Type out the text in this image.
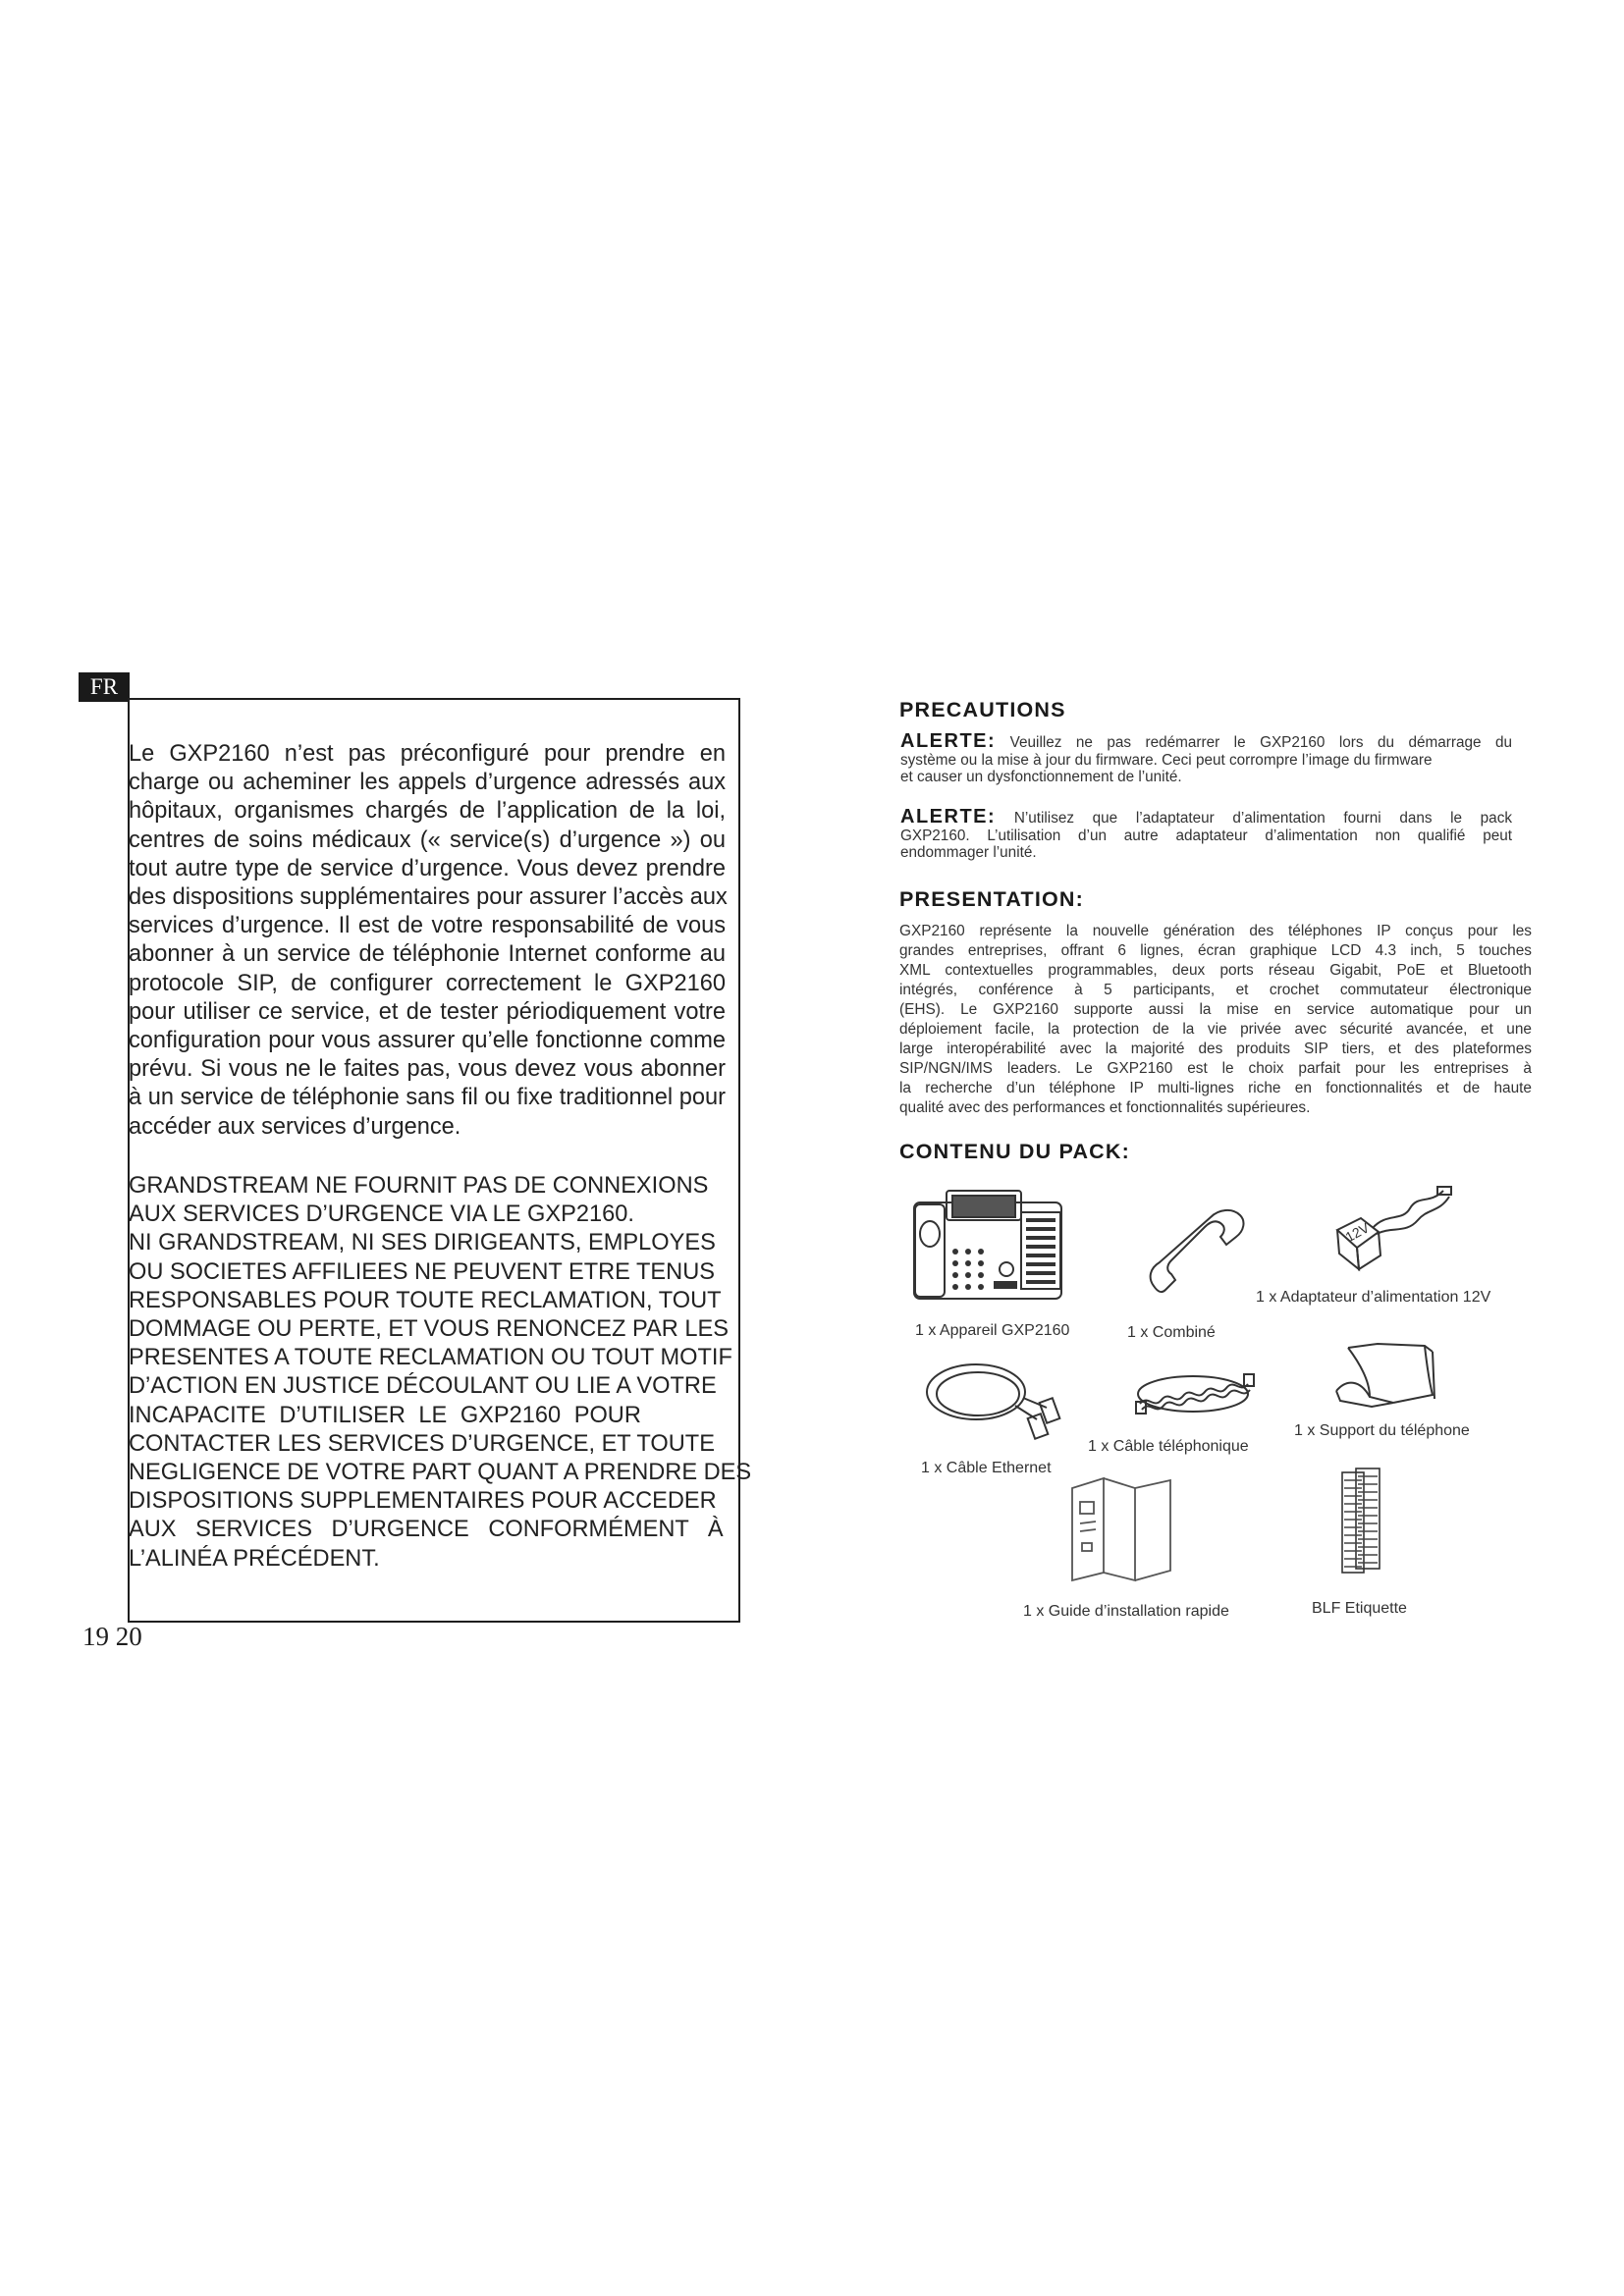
FR

Le GXP2160 n’est pas préconfiguré pour prendre en
charge ou acheminer les appels d’urgence adressés aux
hôpitaux, organismes chargés de l’application de la loi,
centres de soins médicaux (« service(s) d’urgence ») ou
tout autre type de service d’urgence. Vous devez prendre
des dispositions supplémentaires pour assurer l’accès aux
services d’urgence. Il est de votre responsabilité de vous
abonner à un service de téléphonie Internet conforme au
protocole SIP, de configurer correctement le GXP2160
pour utiliser ce service, et de tester périodiquement votre
configuration pour vous assurer qu’elle fonctionne comme
prévu. Si vous ne le faites pas, vous devez vous abonner
à un service de téléphonie sans fil ou fixe traditionnel pour
accéder aux services d’urgence.

GRANDSTREAM NE FOURNIT PAS DE CONNEXIONS
AUX SERVICES D’URGENCE VIA LE GXP2160.
NI GRANDSTREAM, NI SES DIRIGEANTS, EMPLOYES
OU SOCIETES AFFILIEES NE PEUVENT ETRE TENUS
RESPONSABLES POUR TOUTE RECLAMATION, TOUT
DOMMAGE OU PERTE, ET VOUS RENONCEZ PAR LES
PRESENTES A TOUTE RECLAMATION OU TOUT MOTIF
D’ACTION EN JUSTICE DÉCOULANT OU LIE A VOTRE
INCAPACITE D’UTILISER LE GXP2160 POUR
CONTACTER LES SERVICES D’URGENCE, ET TOUTE
NEGLIGENCE DE VOTRE PART QUANT A PRENDRE DES
DISPOSITIONS SUPPLEMENTAIRES POUR ACCEDER
AUX SERVICES D’URGENCE CONFORMÉMENT À
L’ALINÉA PRÉCÉDENT.

19 20
PRECAUTIONS

ALERTE: Veuillez ne pas redémarrer le GXP2160 lors du démarrage du
système ou la mise à jour du firmware. Ceci peut corrompre l’image du firmware
et causer un dysfonctionnement de l’unité.

ALERTE: N’utilisez que l’adaptateur d’alimentation fourni dans le pack
GXP2160. L’utilisation d’un autre adaptateur d’alimentation non qualifié peut
endommager l’unité.

PRESENTATION:

GXP2160 représente la nouvelle génération des téléphones IP conçus pour les
grandes entreprises, offrant 6 lignes, écran graphique LCD 4.3 inch, 5 touches
XML contextuelles programmables, deux ports réseau Gigabit, PoE et Bluetooth
intégrés, conférence à 5 participants, et crochet commutateur électronique
(EHS). Le GXP2160 supporte aussi la mise en service automatique pour un
déploiement facile, la protection de la vie privée avec sécurité avancée, et une
large interopérabilité avec la majorité des produits SIP tiers, et des plateformes
SIP/NGN/IMS leaders. Le GXP2160 est le choix parfait pour les entreprises à
la recherche d’un téléphone IP multi-lignes riche en fonctionnalités et de haute
qualité avec des performances et fonctionnalités supérieures.

CONTENU DU PACK:
1 x Appareil GXP2160	1 x Combiné
12V
1 x Adaptateur d’alimentation 12V
1 x Câble Ethernet
1 x Câble téléphonique
1 x Support du téléphone
1 x Guide d’installation rapide	BLF Etiquette
